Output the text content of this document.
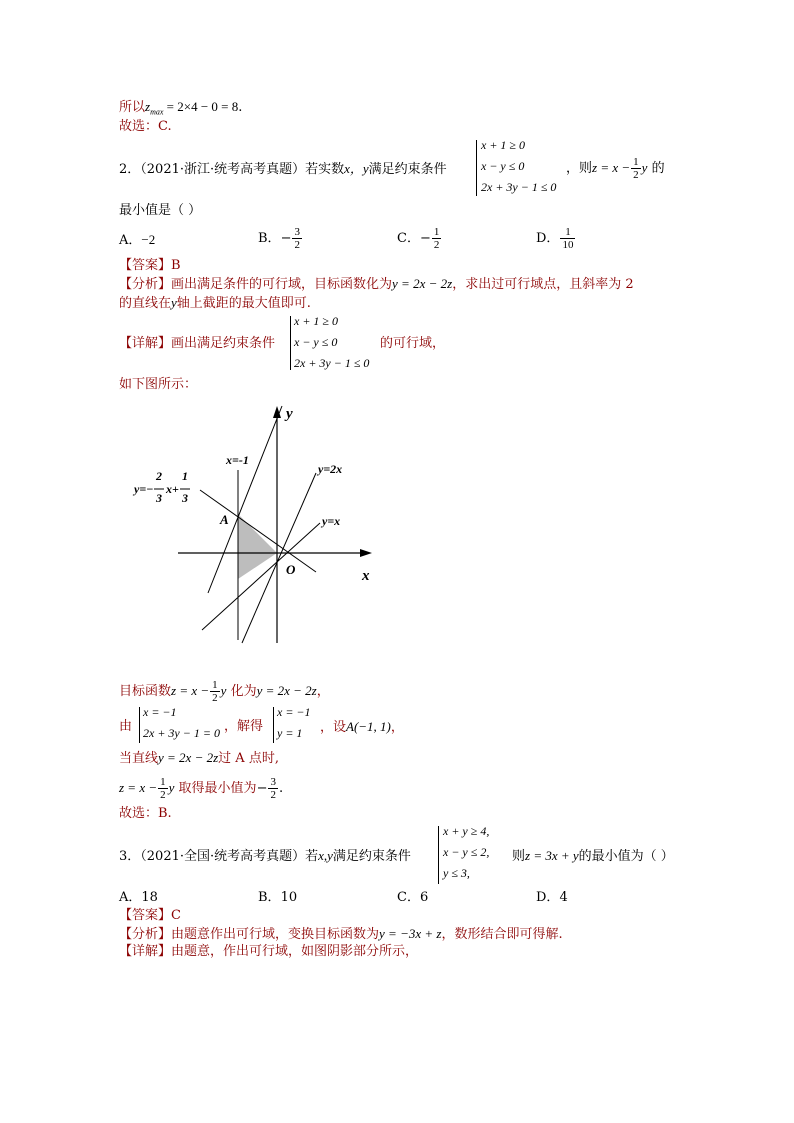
所以$z_{max} = 2\times 4 - 0 = 8$.
故选：C.
2．（2021·浙江·统考高考真题）若实数x，y满足约束条件
x + 1 ≥ 0
x − y ≤ 0
2x + 3y − 1 ≤ 0
，则$z = x - \frac{1}{2}$ y 的
最小值是（ ）
A．−2	B．− $\frac{3}{2}$	C．− $\frac{1}{2}$	D． $\frac{1}{10}$
【答案】B
【分析】画出满足条件的可行域，目标函数化为y = 2x − 2z，求出过可行域点，且斜率为 2
的直线在y轴上截距的最大值即可.
【详解】画出满足约束条件
x + 1 ≥ 0
x − y ≤ 0
2x + 3y − 1 ≤ 0
的可行域，
如下图所示：
y
x
O
x=-1
y=2x
y=x
A
y=−
2
3
x+
1
3
目标函数$z = x - \frac{1}{2}$ y 化为y = 2x − 2z，
由
x = −1
2x + 3y − 1 = 0 ，解得
x = −1
y = 1 ，设A(−1, 1)，
当直线y = 2x − 2z过 A 点时,
$z = x - \frac{1}{2}$ y 取得最小值为− $\frac{3}{2}$ .
故选：B.
3．（2021·全国·统考高考真题）若x,y满足约束条件
x + y ≥ 4,
x − y ≤ 2,
y ≤ 3,
则z = 3x + y的最小值为（ ）
A．18	B．10	C．6	D．4
【答案】C
【分析】由题意作出可行域，变换目标函数为y = −3x + z，数形结合即可得解.
【详解】由题意，作出可行域，如图阴影部分所示，
